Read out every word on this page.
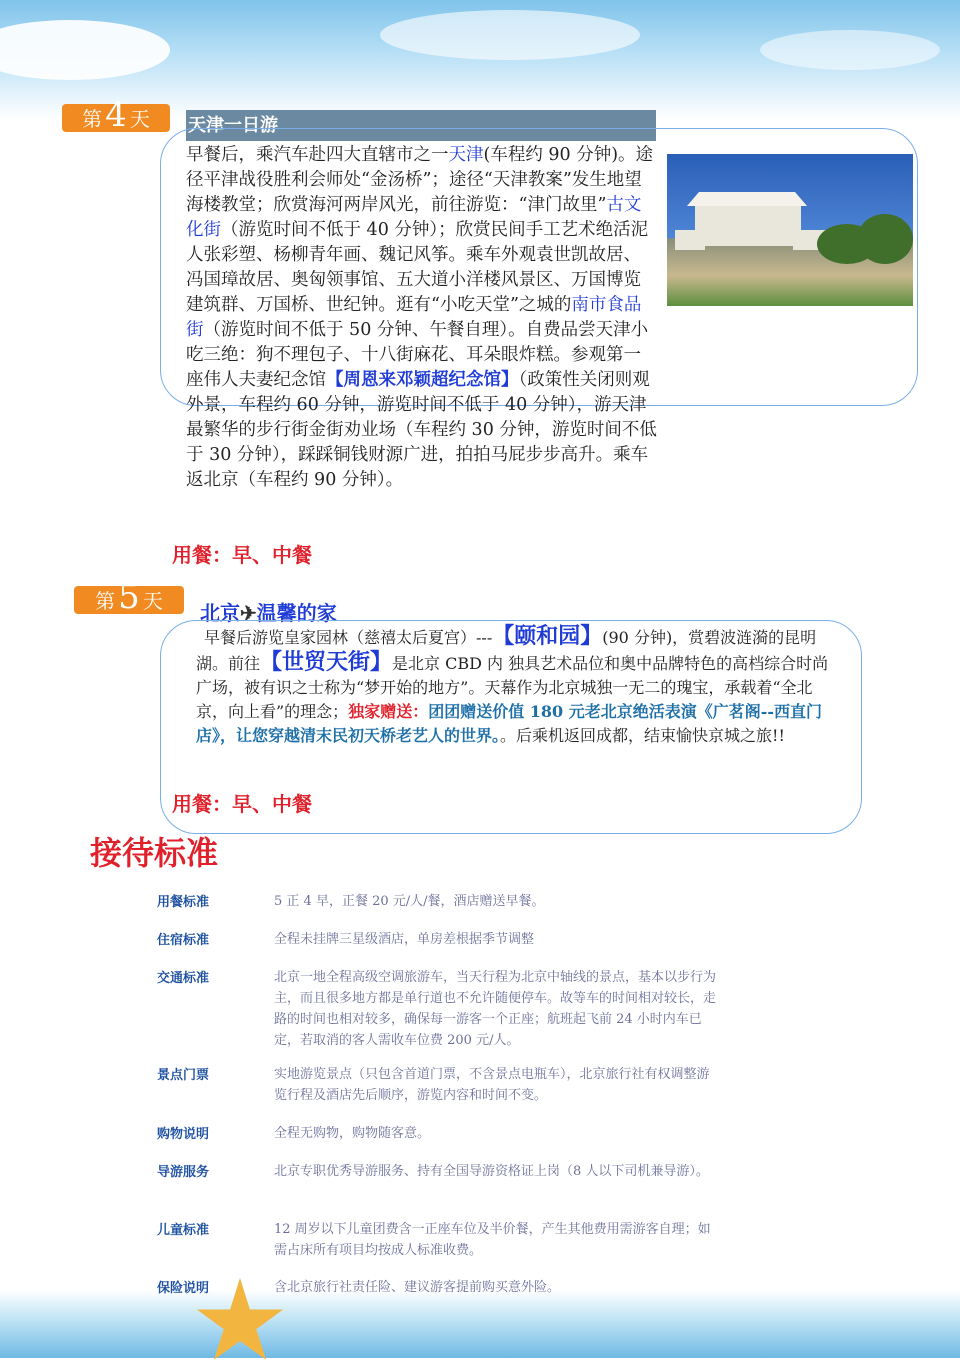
第 4 天 天津一日游
早餐后，乘汽车赴四大直辖市之一天津(车程约 90 分钟)。途径平津战役胜利会师处“金汤桥”；途径“天津教案”发生地望海楼教堂；欣赏海河两岸风光，前往游览：“津门故里”古文化街（游览时间不低于 40 分钟）；欣赏民间手工艺术绝活泥人张彩塑、杨柳青年画、魏记风筝。乘车外观袁世凯故居、冯国璋故居、奥匈领事馆、五大道小洋楼风景区、万国博览建筑群、万国桥、世纪钟。逛有“小吃天堂”之城的南市食品街（游览时间不低于 50 分钟、午餐自理）。自费品尝天津小吃三绝：狗不理包子、十八街麻花、耳朵眼炸糕。参观第一座伟人夫妻纪念馆【周恩来邓颖超纪念馆】（政策性关闭则观外景，车程约 60 分钟，游览时间不低于 40 分钟），游天津最繁华的步行街金街劝业场（车程约 30 分钟，游览时间不低于 30 分钟），踩踩铜钱财源广进，拍拍马屁步步高升。乘车返北京（车程约 90 分钟）。
用餐：早、中餐
第 5 天 北京✈温馨的家
早餐后游览皇家园林（慈禧太后夏宫）---【颐和园】(90 分钟)，赏碧波涟漪的昆明湖。前往【世贸天街】是北京 CBD 内 独具艺术品位和奥中品牌特色的高档综合时尚广场，被有识之士称为“梦开始的地方”。天幕作为北京城独一无二的瑰宝，承载着“全北京，向上看”的理念；独家赠送：团团赠送价值 180 元老北京绝活表演《广茗阁--西直门店》，让您穿越清末民初天桥老艺人的世界。。后乘机返回成都，结束愉快京城之旅!!
用餐：早、中餐
接待标准
用餐标准	5 正 4 早，正餐 20 元/人/餐，酒店赠送早餐。
住宿标准	全程未挂牌三星级酒店，单房差根据季节调整
交通标准	北京一地全程高级空调旅游车，当天行程为北京中轴线的景点，基本以步行为主，而且很多地方都是单行道也不允许随便停车。故等车的时间相对较长，走路的时间也相对较多，确保每一游客一个正座；航班起飞前 24 小时内车已定，若取消的客人需收车位费 200 元/人。
景点门票	实地游览景点（只包含首道门票，不含景点电瓶车），北京旅行社有权调整游览行程及酒店先后顺序，游览内容和时间不变。
购物说明	全程无购物，购物随客意。
导游服务	北京专职优秀导游服务、持有全国导游资格证上岗（8 人以下司机兼导游）。
儿童标准	12 周岁以下儿童团费含一正座车位及半价餐，产生其他费用需游客自理；如需占床所有项目均按成人标准收费。
保险说明	含北京旅行社责任险、建议游客提前购买意外险。
